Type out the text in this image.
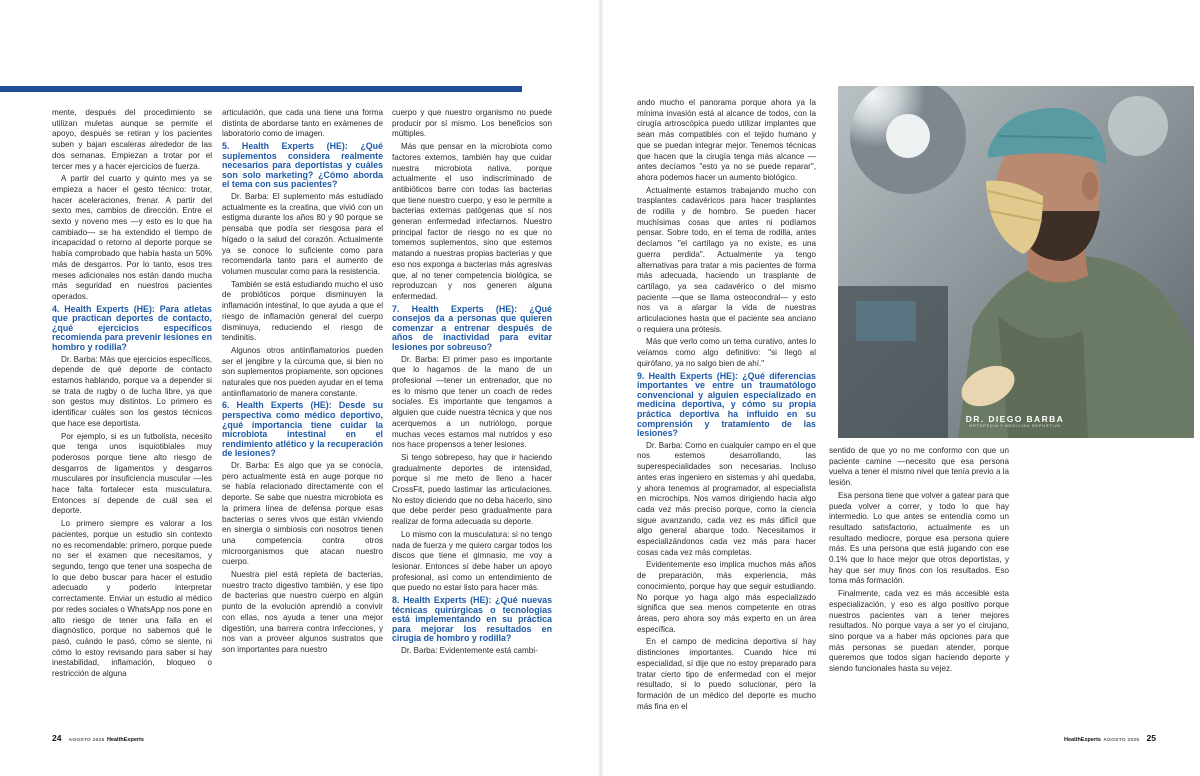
mente, después del procedimiento se utilizan muletas aunque se permite el apoyo, después se retiran y los pacientes suben y bajan escaleras alrededor de las dos semanas. Empiezan a trotar por el tercer mes y a hacer ejercicios de fuerza.

A partir del cuarto y quinto mes ya se empieza a hacer el gesto técnico: trotar, hacer aceleraciones, frenar. A partir del sexto mes, cambios de dirección. Entre el sexto y noveno mes —y esto es lo que ha cambiado— se ha extendido el tiempo de incapacidad o retorno al deporte porque se había comprobado que había hasta un 50% más de desgarros. Por lo tanto, esos tres meses adicionales nos están dando mucha más seguridad en nuestros pacientes operados.

4. Health Experts (HE): Para atletas que practican deportes de contacto, ¿qué ejercicios específicos recomienda para prevenir lesiones en hombro y rodilla?

Dr. Barba: Más que ejercicios específicos, depende de qué deporte de contacto estamos hablando, porque va a depender si se trata de rugby o de lucha libre, ya que son gestos muy distintos. Lo primero es identificar cuáles son los gestos técnicos que hace ese deportista.

Por ejemplo, si es un futbolista, necesito que tenga unos isquiotibiales muy poderosos porque tiene alto riesgo de desgarros de ligamentos y desgarros musculares por insuficiencia muscular —les hace falta fortalecer esta musculatura. Entonces sí depende de cuál sea el deporte.

Lo primero siempre es valorar a los pacientes, porque un estudio sin contexto no es recomendable: primero, porque puede no ser el examen que necesitamos, y segundo, tengo que tener una sospecha de lo que debo buscar para hacer el estudio adecuado y poderlo interpretar correctamente. Enviar un estudio al médico por redes sociales o WhatsApp nos pone en alto riesgo de tener una falla en el diagnóstico, porque no sabemos qué le pasó, cuándo le pasó, cómo se siente, ni cómo lo estoy revisando para saber si hay inestabilidad, inflamación, bloqueo o restricción de alguna

articulación, que cada una tiene una forma distinta de abordarse tanto en exámenes de laboratorio como de imagen.

5. Health Experts (HE): ¿Qué suplementos considera realmente necesarios para deportistas y cuáles son solo marketing? ¿Cómo aborda el tema con sus pacientes?

Dr. Barba: El suplemento más estudiado actualmente es la creatina, que vivió con un estigma durante los años 80 y 90 porque se pensaba que podía ser riesgosa para el hígado o la salud del corazón. Actualmente ya se conoce lo suficiente como para recomendarla tanto para el aumento de volumen muscular como para la resistencia.

También se está estudiando mucho el uso de probióticos porque disminuyen la inflamación intestinal, lo que ayuda a que el riesgo de inflamación general del cuerpo disminuya, reduciendo el riesgo de tendinitis.

Algunos otros antiinflamatorios pueden ser el jengibre y la cúrcuma que, si bien no son suplementos propiamente, son opciones naturales que nos pueden ayudar en el tema antiinflamatorio de manera constante.

6. Health Experts (HE): Desde su perspectiva como médico deportivo, ¿qué importancia tiene cuidar la microbiota intestinal en el rendimiento atlético y la recuperación de lesiones?

Dr. Barba: Es algo que ya se conocía, pero actualmente está en auge porque no se había relacionado directamente con el deporte. Se sabe que nuestra microbiota es la primera línea de defensa porque esas bacterias o seres vivos que están viviendo en sinergia o simbiosis con nosotros tienen una competencia contra otros microorganismos que atacan nuestro cuerpo.

Nuestra piel está repleta de bacterias, nuestro tracto digestivo también, y ese tipo de bacterias que nuestro cuerpo en algún punto de la evolución aprendió a convivir con ellas, nos ayuda a tener una mejor digestión, una barrera contra infecciones, y nos van a proveer algunos sustratos que son importantes para nuestro

cuerpo y que nuestro organismo no puede producir por sí mismo. Los beneficios son múltiples.

Más que pensar en la microbiota como factores externos, también hay que cuidar nuestra microbiota nativa, porque actualmente el uso indiscriminado de antibióticos barre con todas las bacterias que tiene nuestro cuerpo, y eso le permite a bacterias externas patógenas que sí nos generan enfermedad infectarnos. Nuestro principal factor de riesgo no es que no tomemos suplementos, sino que estemos matando a nuestras propias bacterias y que eso nos exponga a bacterias más agresivas que, al no tener competencia biológica, se reproduzcan y nos generen alguna enfermedad.

7. Health Experts (HE): ¿Qué consejos da a personas que quieren comenzar a entrenar después de años de inactividad para evitar lesiones por sobreuso?

Dr. Barba: El primer paso es importante que lo hagamos de la mano de un profesional —tener un entrenador, que no es lo mismo que tener un coach de redes sociales. Es importante que tengamos a alguien que cuide nuestra técnica y que nos acerquemos a un nutriólogo, porque muchas veces estamos mal nutridos y eso nos hace propensos a tener lesiones.

Si tengo sobrepeso, hay que ir haciendo gradualmente deportes de intensidad, porque si me meto de lleno a hacer CrossFit, puedo lastimar las articulaciones. No estoy diciendo que no deba hacerlo, sino que debe perder peso gradualmente para realizar de forma adecuada su deporte.

Lo mismo con la musculatura: si no tengo nada de fuerza y me quiero cargar todos los discos que tiene el gimnasio, me voy a lesionar. Entonces sí debe haber un apoyo profesional, así como un entendimiento de que puedo no estar listo para hacer más.

8. Health Experts (HE): ¿Qué nuevas técnicas quirúrgicas o tecnologías está implementando en su práctica para mejorar los resultados en cirugía de hombro y rodilla?

Dr. Barba: Evidentemente está cambi-

ando mucho el panorama porque ahora ya la mínima invasión está al alcance de todos, con la cirugía artroscópica puedo utilizar implantes que sean más compatibles con el tejido humano y que se puedan integrar mejor. Tenemos técnicas que hacen que la cirugía tenga más alcance —antes decíamos "esto ya no se puede reparar", ahora podemos hacer un aumento biológico.

Actualmente estamos trabajando mucho con trasplantes cadavéricos para hacer trasplantes de rodilla y de hombro. Se pueden hacer muchísimas cosas que antes ni podíamos pensar. Sobre todo, en el tema de rodilla, antes decíamos "el cartílago ya no existe, es una guerra perdida". Actualmente ya tengo alternativas para tratar a mis pacientes de forma más adecuada, haciendo un trasplante de cartílago, ya sea cadavérico o del mismo paciente —que se llama osteocondral— y esto nos va a alargar la vida de nuestras articulaciones hasta que el paciente sea anciano o requiera una prótesis.

Más que verlo como un tema curativo, antes lo veíamos como algo definitivo: "si llegó al quirófano, ya no salgo bien de ahí."

9. Health Experts (HE): ¿Qué diferencias importantes ve entre un traumatólogo convencional y alguien especializado en medicina deportiva, y cómo su propia práctica deportiva ha influido en su comprensión y tratamiento de las lesiones?

Dr. Barba: Como en cualquier campo en el que nos estemos desarrollando, las superespecialidades son necesarias. Incluso antes eras ingeniero en sistemas y ahí quedaba, y ahora tenemos al programador, al especialista en microchips. Nos vamos dirigiendo hacia algo cada vez más preciso porque, como la ciencia sigue avanzando, cada vez es más difícil que algo general abarque todo. Necesitamos ir especializándonos cada vez más para hacer cosas cada vez más completas.

Evidentemente eso implica muchos más años de preparación, más experiencia, más conocimiento, porque hay que seguir estudiando. No porque yo haga algo más especializado significa que sea menos competente en otras áreas, pero ahora soy más experto en un área específica.

En el campo de medicina deportiva sí hay distinciones importantes. Cuando hice mi especialidad, sí dije que no estoy preparado para tratar cierto tipo de enfermedad con el mejor resultado, si lo puedo solucionar, pero la formación de un médico del deporte es mucho más fina en el

sentido de que yo no me conformo con que un paciente camine —necesito que esa persona vuelva a tener el mismo nivel que tenía previo a la lesión.

Esa persona tiene que volver a gatear para que pueda volver a correr, y todo lo que hay intermedio. Lo que antes se entendía como un resultado satisfactorio, actualmente es un resultado mediocre, porque esa persona quiere más. Es una persona que está jugando con ese 0.1% que lo hace mejor que otros deportistas, y hay que ser muy finos con los resultados. Eso toma más formación.

Finalmente, cada vez es más accesible esta especialización, y eso es algo positivo porque nuestros pacientes van a tener mejores resultados. No porque vaya a ser yo el cirujano, sino porque va a haber más opciones para que más personas se puedan atender, porque queremos que todos sigan haciendo deporte y siendo funcionales hasta su vejez.

DR. DIEGO BARBA
ORTOPEDIA Y MEDICINA DEPORTIVA
24 AGOSTO 2025 HealthExperts	HealthExperts AGOSTO 2025 25
